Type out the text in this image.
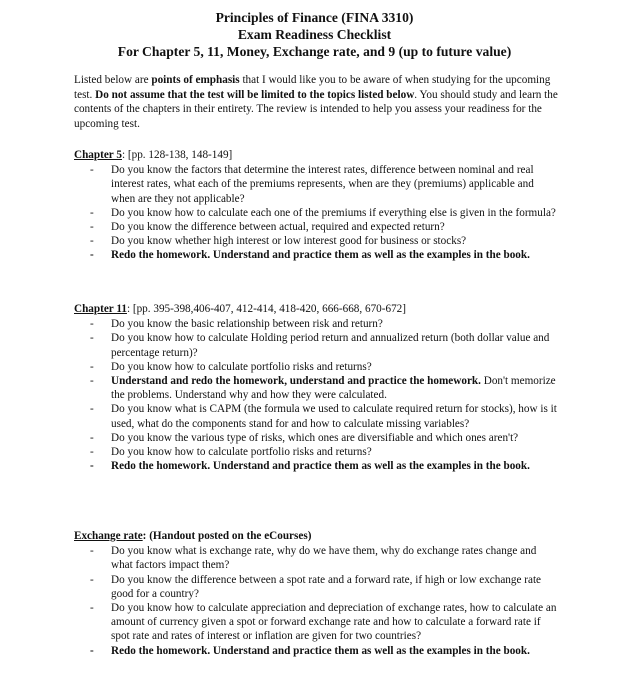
Principles of Finance (FINA 3310)
Exam Readiness Checklist
For Chapter 5, 11, Money, Exchange rate, and 9 (up to future value)
Listed below are points of emphasis that I would like you to be aware of when studying for the upcoming test. Do not assume that the test will be limited to the topics listed below. You should study and learn the contents of the chapters in their entirety. The review is intended to help you assess your readiness for the upcoming test.
Chapter 5: [pp. 128-138, 148-149]
- Do you know the factors that determine the interest rates, difference between nominal and real interest rates, what each of the premiums represents, when are they (premiums) applicable and when are they not applicable?
- Do you know how to calculate each one of the premiums if everything else is given in the formula?
- Do you know the difference between actual, required and expected return?
- Do you know whether high interest or low interest good for business or stocks?
- Redo the homework. Understand and practice them as well as the examples in the book.
Chapter 11: [pp. 395-398,406-407, 412-414, 418-420, 666-668, 670-672]
- Do you know the basic relationship between risk and return?
- Do you know how to calculate Holding period return and annualized return (both dollar value and percentage return)?
- Do you know how to calculate portfolio risks and returns?
- Understand and redo the homework, understand and practice the homework. Don't memorize the problems. Understand why and how they were calculated.
- Do you know what is CAPM (the formula we used to calculate required return for stocks), how is it used, what do the components stand for and how to calculate missing variables?
- Do you know the various type of risks, which ones are diversifiable and which ones aren't?
- Do you know how to calculate portfolio risks and returns?
- Redo the homework. Understand and practice them as well as the examples in the book.
Exchange rate: (Handout posted on the eCourses)
- Do you know what is exchange rate, why do we have them, why do exchange rates change and what factors impact them?
- Do you know the difference between a spot rate and a forward rate, if high or low exchange rate good for a country?
- Do you know how to calculate appreciation and depreciation of exchange rates, how to calculate an amount of currency given a spot or forward exchange rate and how to calculate a forward rate if spot rate and rates of interest or inflation are given for two countries?
- Redo the homework. Understand and practice them as well as the examples in the book.
